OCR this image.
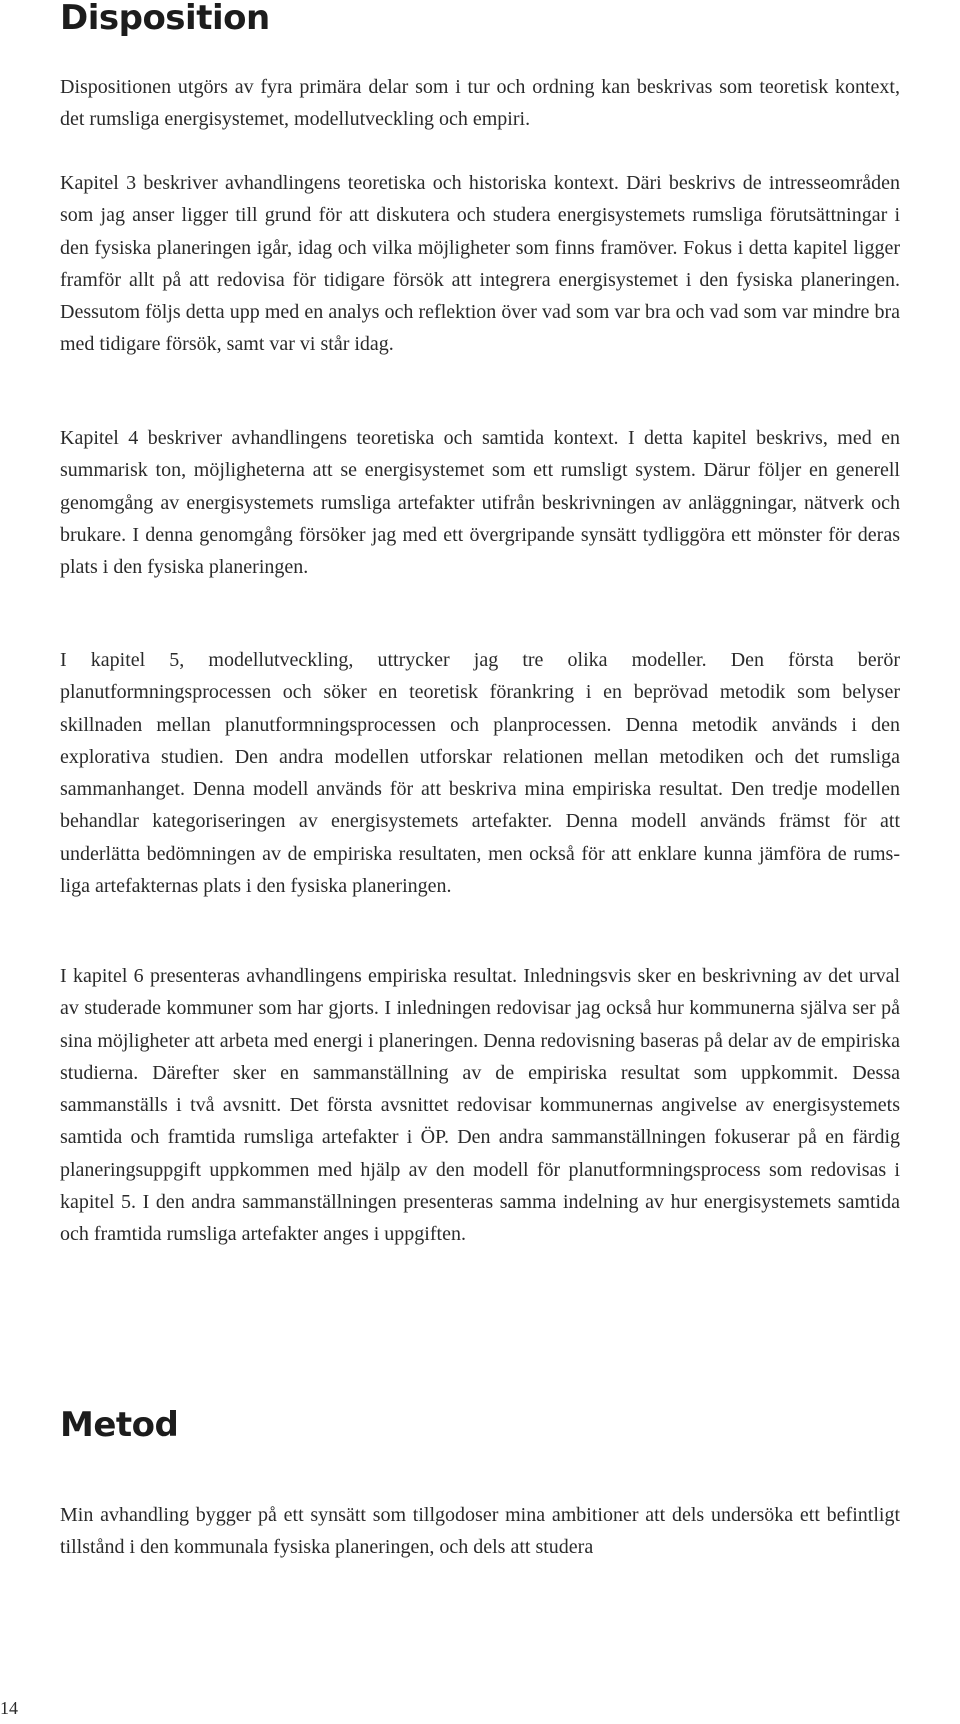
Disposition

Dispositionen utgörs av fyra primära delar som i tur och ordning kan beskrivas som teoretisk kontext, det rumsliga energisystemet, modellutveckling och empiri.

Kapitel 3 beskriver avhandlingens teoretiska och historiska kontext. Däri beskrivs de intresseområden som jag anser ligger till grund för att diskutera och studera energisystemets rumsliga förutsättningar i den fysiska planeringen igår, idag och vilka möjligheter som finns framöver. Fokus i detta kapitel ligger framför allt på att redovisa för tidigare försök att integrera energisystemet i den fysiska planeringen. Dessutom följs detta upp med en analys och reflektion över vad som var bra och vad som var mindre bra med tidigare försök, samt var vi står idag.

Kapitel 4 beskriver avhandlingens teoretiska och samtida kontext. I detta kapitel beskrivs, med en summarisk ton, möjligheterna att se energisystemet som ett rumsligt system. Därur följer en generell genomgång av energisystemets rumsliga artefakter utifrån beskrivningen av anläggningar, nätverk och brukare. I denna genomgång försöker jag med ett övergripande synsätt tydliggöra ett mönster för deras plats i den fysiska planeringen.

I kapitel 5, modellutveckling, uttrycker jag tre olika modeller. Den första berör planutformningsprocessen och söker en teoretisk förankring i en beprövad metodik som belyser skillnaden mellan planutformningsprocessen och planprocessen. Denna metodik används i den explorativa studien. Den andra modellen utforskar relationen mellan metodiken och det rumsliga sammanhanget. Denna modell används för att beskriva mina empiriska resultat. Den tredje modellen behandlar kategoriseringen av energisystemets artefakter. Denna modell används främst för att underlätta bedömningen av de empiriska resultaten, men också för att enklare kunna jämföra de rumsliga artefakternas plats i den fysiska planeringen.

I kapitel 6 presenteras avhandlingens empiriska resultat. Inledningsvis sker en beskrivning av det urval av studerade kommuner som har gjorts. I inledningen redovisar jag också hur kommunerna själva ser på sina möjligheter att arbeta med energi i planeringen. Denna redovisning baseras på delar av de empiriska studierna. Därefter sker en sammanställning av de empiriska resultat som uppkommit. Dessa sammanställs i två avsnitt. Det första avsnittet redovisar kommunernas angivelse av energisystemets samtida och framtida rumsliga artefakter i ÖP. Den andra sammanställningen fokuserar på en färdig planeringsuppgift uppkommen med hjälp av den modell för planutformningsprocess som redovisas i kapitel 5. I den andra sammanställningen presenteras samma indelning av hur energisystemets samtida och framtida rumsliga artefakter anges i uppgiften.

Metod

Min avhandling bygger på ett synsätt som tillgodoser mina ambitioner att dels undersöka ett befintligt tillstånd i den kommunala fysiska planeringen, och dels att studera

14
